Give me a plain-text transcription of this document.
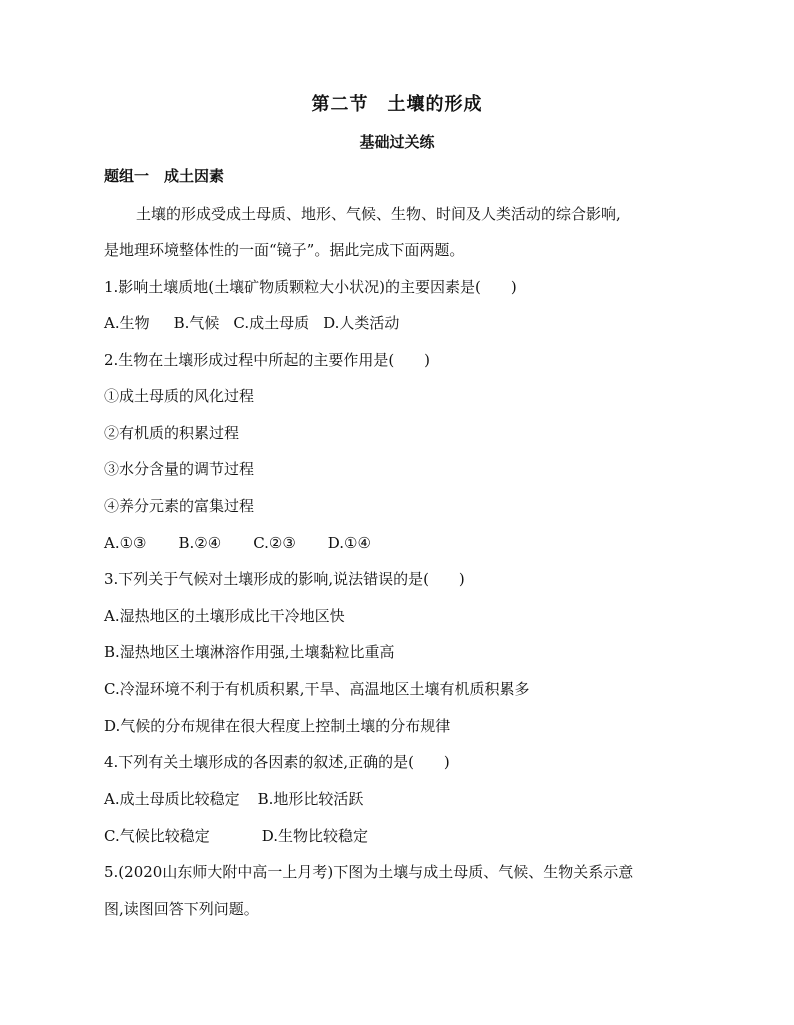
第二节　土壤的形成
基础过关练
题组一　成土因素
土壤的形成受成土母质、地形、气候、生物、时间及人类活动的综合影响,
是地理环境整体性的一面“镜子”。据此完成下面两题。
1.影响土壤质地(土壤矿物质颗粒大小状况)的主要因素是(　　)
A.生物 B.气候 C.成土母质 D.人类活动
2.生物在土壤形成过程中所起的主要作用是(　　)
①成土母质的风化过程
②有机质的积累过程
③水分含量的调节过程
④养分元素的富集过程
A.①③ B.②④ C.②③ D.①④
3.下列关于气候对土壤形成的影响,说法错误的是(　　)
A.湿热地区的土壤形成比干冷地区快
B.湿热地区土壤淋溶作用强,土壤黏粒比重高
C.冷湿环境不利于有机质积累,干旱、高温地区土壤有机质积累多
D.气候的分布规律在很大程度上控制土壤的分布规律
4.下列有关土壤形成的各因素的叙述,正确的是(　　)
A.成土母质比较稳定 B.地形比较活跃
C.气候比较稳定	D.生物比较稳定
5.(2020山东师大附中高一上月考)下图为土壤与成土母质、气候、生物关系示意
图,读图回答下列问题。
